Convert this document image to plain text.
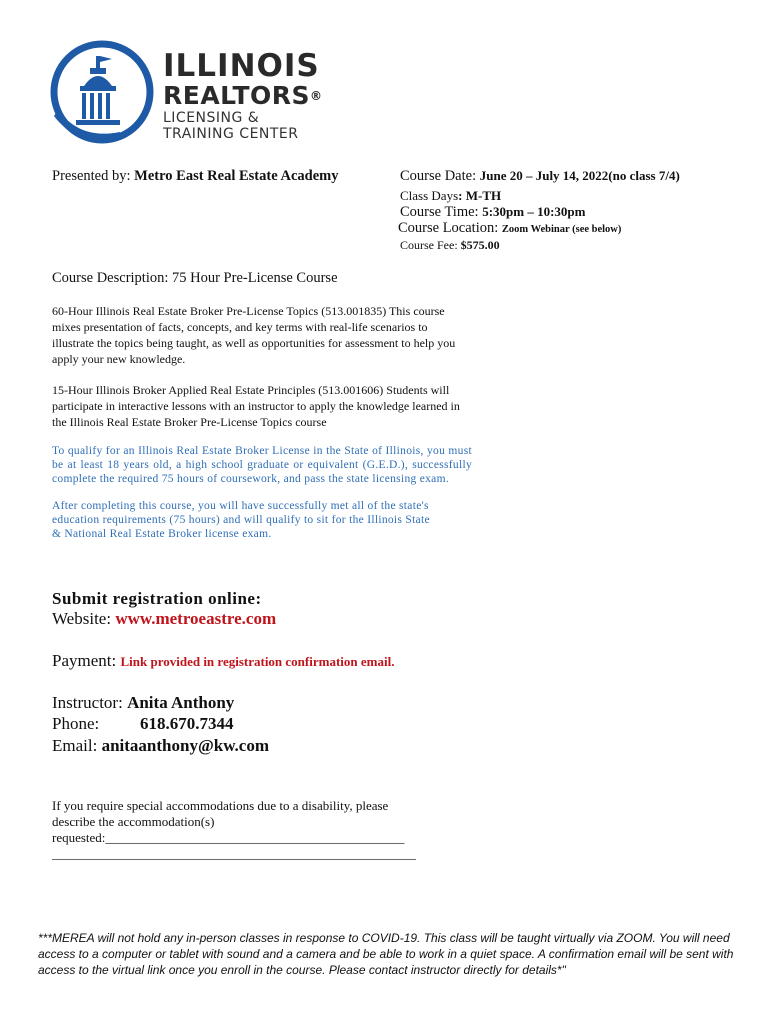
ILLINOIS
REALTORS®
LICENSING &
TRAINING CENTER
Presented by: Metro East Real Estate Academy	Course Date: June 20 – July 14, 2022(no class 7/4)
Class Days: M-TH
Course Time: 5:30pm – 10:30pm
Course Location: Zoom Webinar (see below)
Course Fee: $575.00
Course Description: 75 Hour Pre-License Course
60-Hour Illinois Real Estate Broker Pre-License Topics (513.001835) This course mixes presentation of facts, concepts, and key terms with real-life scenarios to illustrate the topics being taught, as well as opportunities for assessment to help you apply your new knowledge.
15-Hour Illinois Broker Applied Real Estate Principles (513.001606) Students will participate in interactive lessons with an instructor to apply the knowledge learned in the Illinois Real Estate Broker Pre-License Topics course
To qualify for an Illinois Real Estate Broker License in the State of Illinois, you must be at least 18 years old, a high school graduate or equivalent (G.E.D.), successfully complete the required 75 hours of coursework, and pass the state licensing exam.
After completing this course, you will have successfully met all of the state's education requirements (75 hours) and will qualify to sit for the Illinois State & National Real Estate Broker license exam.
Submit registration online:
Website: www.metroeastre.com
Payment: Link provided in registration confirmation email.
Instructor: Anita Anthony
Phone: 618.670.7344
Email: anitaanthony@kw.com
If you require special accommodations due to a disability, please
describe the accommodation(s)
requested:______________________________________________
________________________________________________________
***MEREA will not hold any in-person classes in response to COVID-19. This class will be taught virtually via ZOOM. You will need access to a computer or tablet with sound and a camera and be able to work in a quiet space. A confirmation email will be sent with access to the virtual link once you enroll in the course. Please contact instructor directly for details*"
